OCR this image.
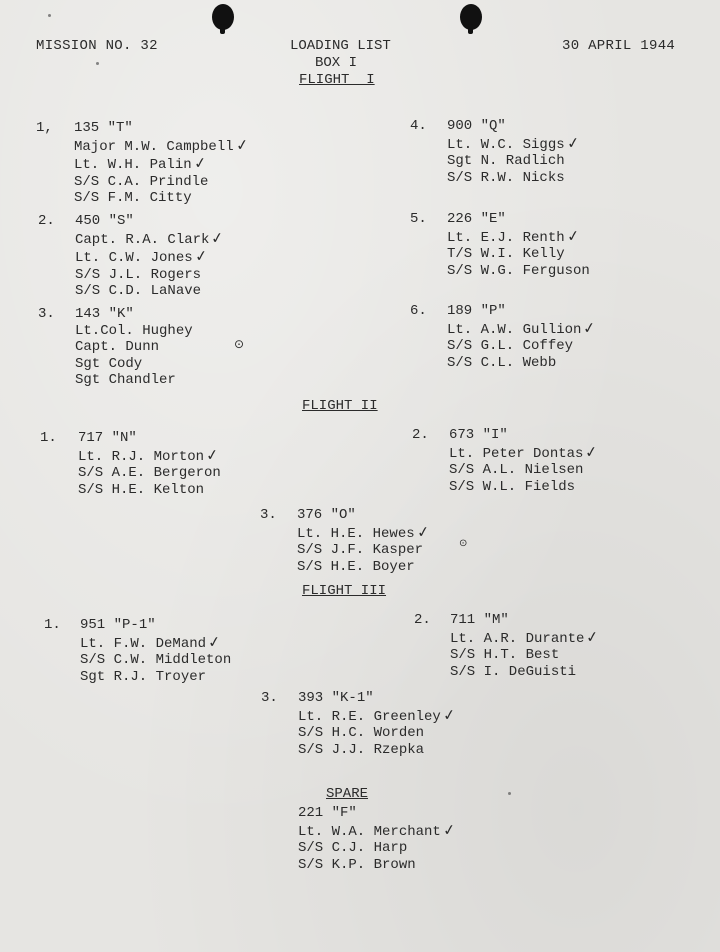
MISSION NO. 32	LOADING LIST
BOX I
30 APRIL 1944
FLIGHT  I
FLIGHT II
FLIGHT III
SPARE
1, 135 "T"
Major M.W. Campbell✓
Lt. W.H. Palin✓
S/S C.A. Prindle
S/S F.M. Citty
4. 900 "Q"
Lt. W.C. Siggs✓
Sgt N. Radlich
S/S R.W. Nicks
2. 450 "S"
Capt. R.A. Clark✓
Lt. C.W. Jones✓
S/S J.L. Rogers
S/S C.D. LaNave
5. 226 "E"
Lt. E.J. Renth✓
T/S W.I. Kelly
S/S W.G. Ferguson
3. 143 "K"
Lt.Col. Hughey
Capt. Dunn
Sgt Cody
Sgt Chandler
⊙
6. 189 "P"
Lt. A.W. Gullion✓
S/S G.L. Coffey
S/S C.L. Webb
1. 717 "N"
Lt. R.J. Morton✓
S/S A.E. Bergeron
S/S H.E. Kelton
2. 673 "I"
Lt. Peter Dontas✓
S/S A.L. Nielsen
S/S W.L. Fields
3. 376 "O"
Lt. H.E. Hewes✓
S/S J.F. Kasper
S/S H.E. Boyer
⊙
1. 951 "P-1"
Lt. F.W. DeMand✓
S/S C.W. Middleton
Sgt R.J. Troyer
2. 711 "M"
Lt. A.R. Durante✓
S/S H.T. Best
S/S I. DeGuisti
3. 393 "K-1"
Lt. R.E. Greenley✓
S/S H.C. Worden
S/S J.J. Rzepka
221 "F"
Lt. W.A. Merchant✓
S/S C.J. Harp
S/S K.P. Brown
